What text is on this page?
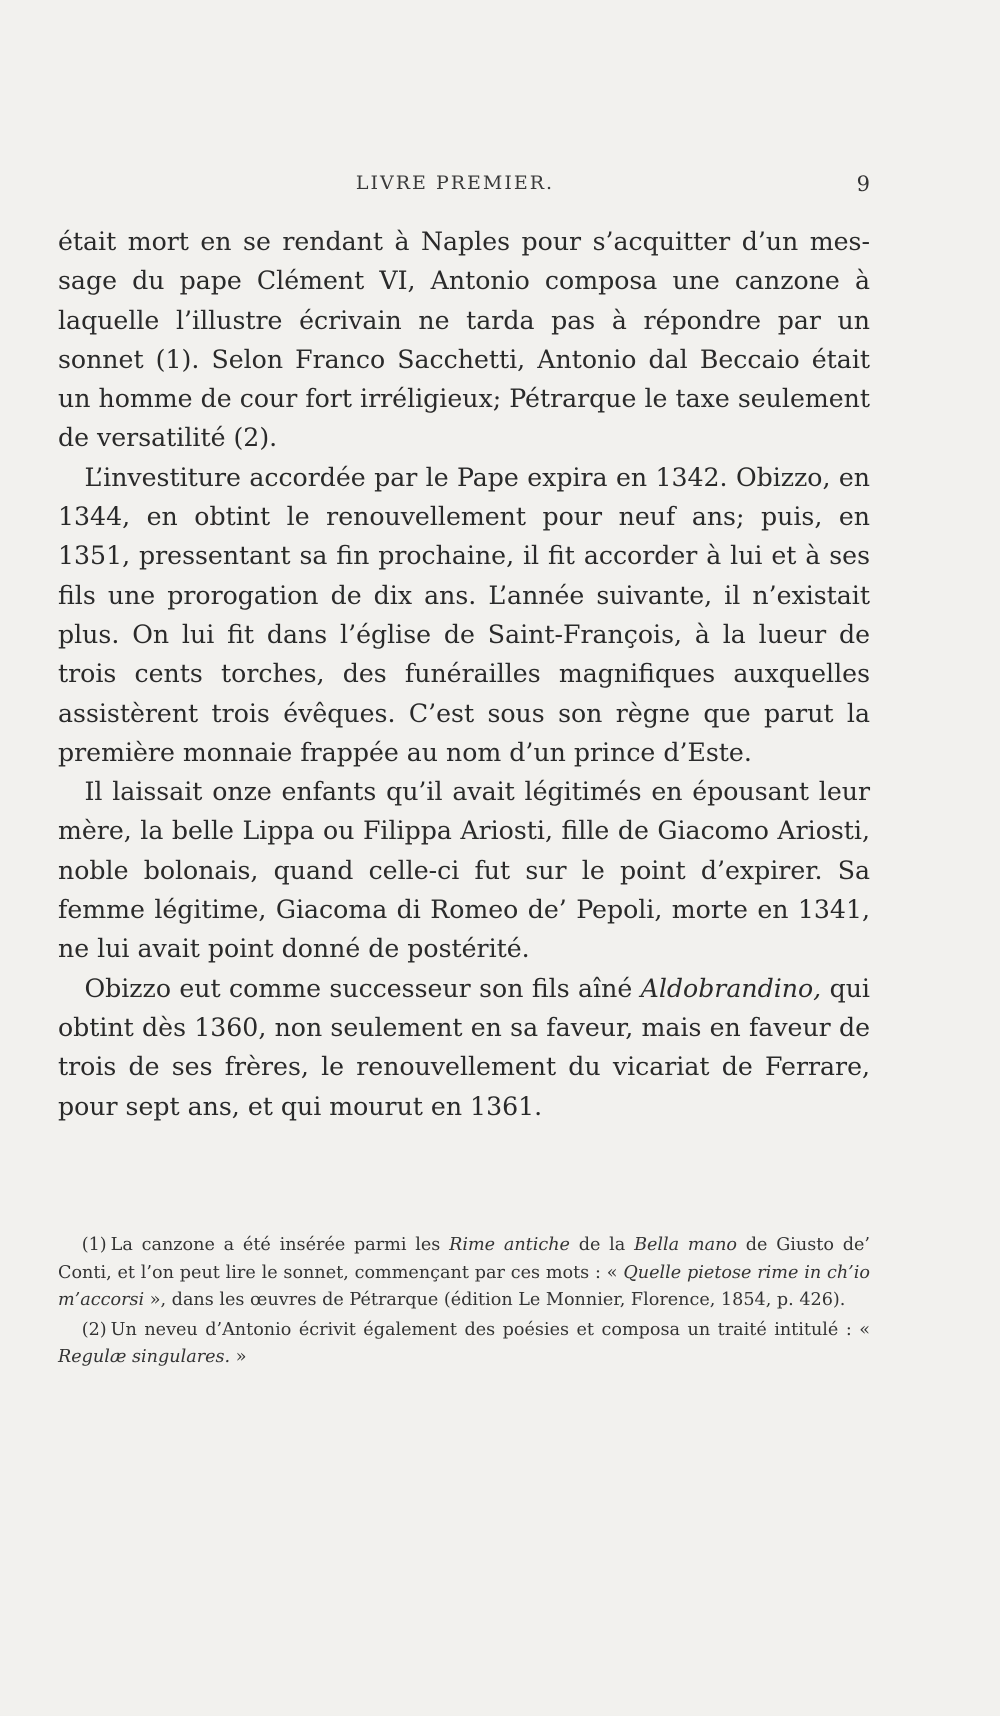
LIVRE PREMIER.	9

était mort en se rendant à Naples pour s’acquitter d’un message du pape Clément VI, Antonio composa une canzone à laquelle l’illustre écrivain ne tarda pas à répondre par un sonnet (1). Selon Franco Sacchetti, Antonio dal Beccaio était un homme de cour fort irréligieux; Pétrarque le taxe seulement de versatilité (2).

L’investiture accordée par le Pape expira en 1342. Obizzo, en 1344, en obtint le renouvellement pour neuf ans; puis, en 1351, pressentant sa fin prochaine, il fit accorder à lui et à ses fils une prorogation de dix ans. L’année suivante, il n’existait plus. On lui fit dans l’église de Saint-François, à la lueur de trois cents torches, des funérailles magnifiques auxquelles assistèrent trois évêques. C’est sous son règne que parut la première monnaie frappée au nom d’un prince d’Este.

Il laissait onze enfants qu’il avait légitimés en épousant leur mère, la belle Lippa ou Filippa Ariosti, fille de Giacomo Ariosti, noble bolonais, quand celle-ci fut sur le point d’expirer. Sa femme légitime, Giacoma di Romeo de’ Pepoli, morte en 1341, ne lui avait point donné de postérité.

Obizzo eut comme successeur son fils aîné Aldobrandino, qui obtint dès 1360, non seulement en sa faveur, mais en faveur de trois de ses frères, le renouvellement du vicariat de Ferrare, pour sept ans, et qui mourut en 1361.

(1) La canzone a été insérée parmi les Rime antiche de la Bella mano de Giusto de’ Conti, et l’on peut lire le sonnet, commençant par ces mots : « Quelle pietose rime in ch’io m’accorsi », dans les œuvres de Pétrarque (édition Le Monnier, Florence, 1854, p. 426).

(2) Un neveu d’Antonio écrivit également des poésies et composa un traité intitulé : « Regulæ singulares. »
